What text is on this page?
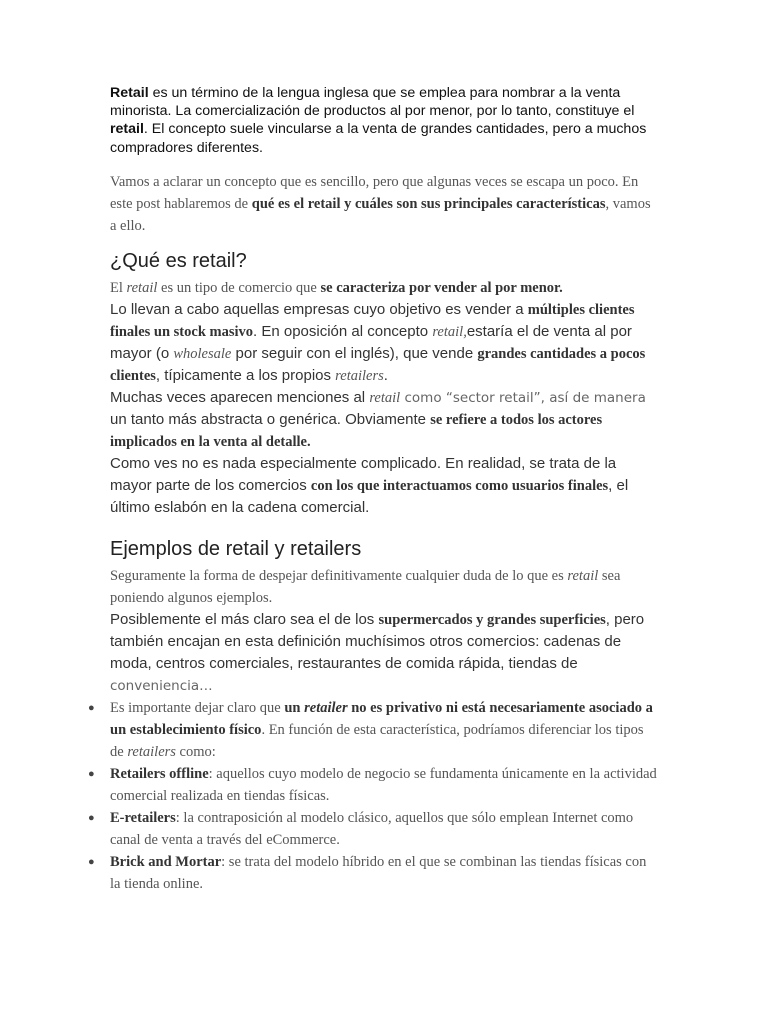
Retail es un término de la lengua inglesa que se emplea para nombrar a la venta minorista. La comercialización de productos al por menor, por lo tanto, constituye el retail. El concepto suele vincularse a la venta de grandes cantidades, pero a muchos compradores diferentes.

Vamos a aclarar un concepto que es sencillo, pero que algunas veces se escapa un poco. En este post hablaremos de qué es el retail y cuáles son sus principales características, vamos a ello.

¿Qué es retail?

El retail es un tipo de comercio que se caracteriza por vender al por menor.

Lo llevan a cabo aquellas empresas cuyo objetivo es vender a múltiples clientes finales un stock masivo. En oposición al concepto retail,estaría el de venta al por mayor (o wholesale por seguir con el inglés), que vende grandes cantidades a pocos clientes, típicamente a los propios retailers.

Muchas veces aparecen menciones al retail como “sector retail”, así de manera un tanto más abstracta o genérica. Obviamente se refiere a todos los actores implicados en la venta al detalle.

Como ves no es nada especialmente complicado. En realidad, se trata de la mayor parte de los comercios con los que interactuamos como usuarios finales, el último eslabón en la cadena comercial.

Ejemplos de retail y retailers

Seguramente la forma de despejar definitivamente cualquier duda de lo que es retail sea poniendo algunos ejemplos.

Posiblemente el más claro sea el de los supermercados y grandes superficies, pero también encajan en esta definición muchísimos otros comercios: cadenas de moda, centros comerciales, restaurantes de comida rápida, tiendas de conveniencia…

● Es importante dejar claro que un retailer no es privativo ni está necesariamente asociado a un establecimiento físico. En función de esta característica, podríamos diferenciar los tipos de retailers como:
● Retailers offline: aquellos cuyo modelo de negocio se fundamenta únicamente en la actividad comercial realizada en tiendas físicas.
● E-retailers: la contraposición al modelo clásico, aquellos que sólo emplean Internet como canal de venta a través del eCommerce.
● Brick and Mortar: se trata del modelo híbrido en el que se combinan las tiendas físicas con la tienda online.
